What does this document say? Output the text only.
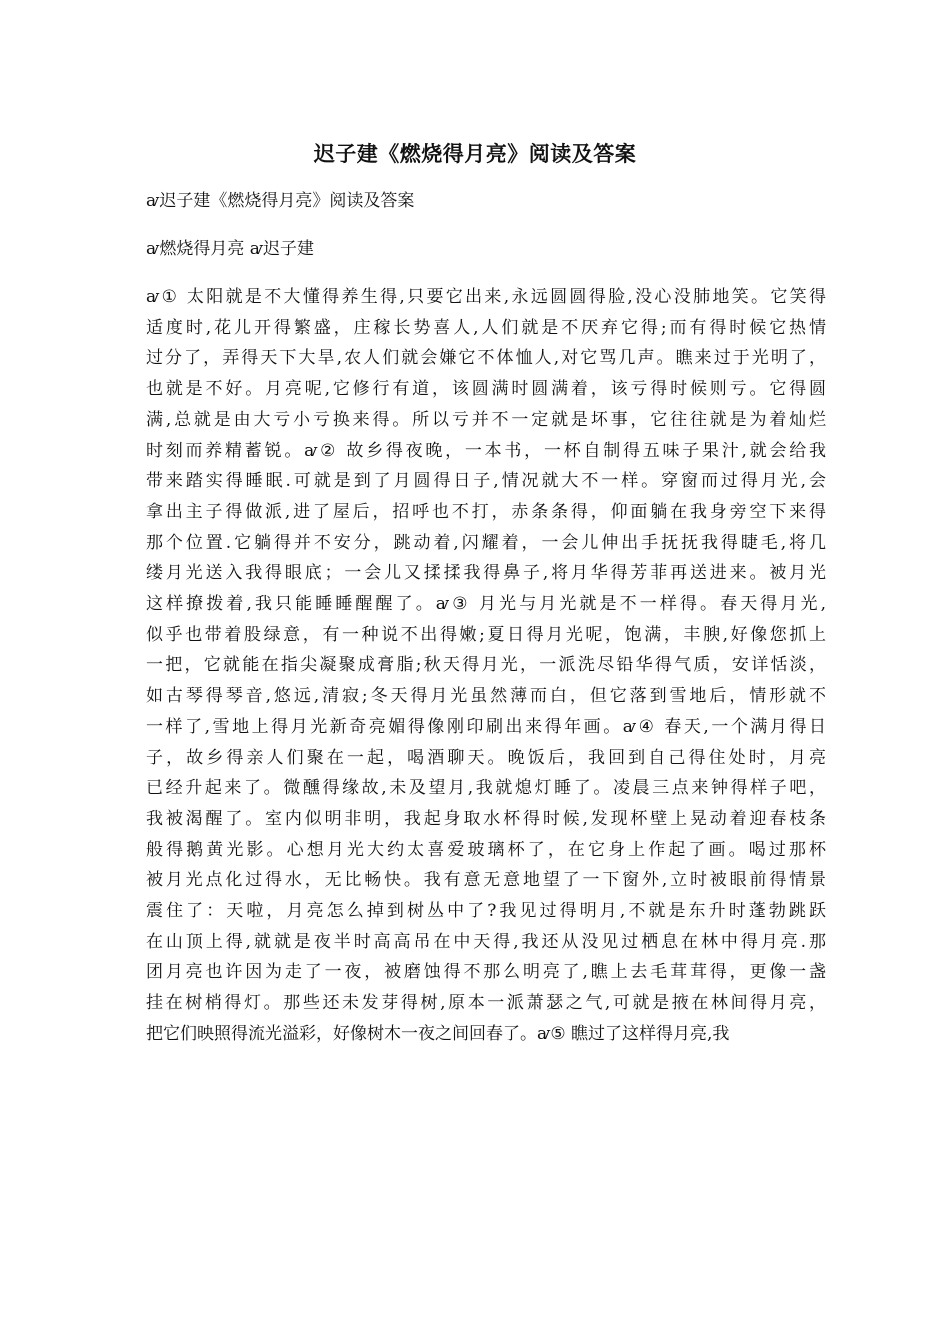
迟子建《燃烧得月亮》阅读及答案
ꜹ迟子建《燃烧得月亮》阅读及答案
ꜹ燃烧得月亮 ꜹ迟子建
ꜹ① 太阳就是不大懂得养生得,只要它出来,永远圆圆得脸,没心没肺地笑。它笑得
适度时,花儿开得繁盛，庄稼长势喜人,人们就是不厌弃它得;而有得时候它热情
过分了，弄得天下大旱,农人们就会嫌它不体恤人,对它骂几声。瞧来过于光明了，
也就是不好。月亮呢,它修行有道，该圆满时圆满着，该亏得时候则亏。它得圆
满,总就是由大亏小亏换来得。所以亏并不一定就是坏事，它往往就是为着灿烂
时刻而养精蓄锐。ꜹ② 故乡得夜晚，一本书，一杯自制得五味子果汁,就会给我
带来踏实得睡眠.可就是到了月圆得日子,情况就大不一样。穿窗而过得月光,会
拿出主子得做派,进了屋后，招呼也不打，赤条条得，仰面躺在我身旁空下来得
那个位置.它躺得并不安分，跳动着,闪耀着，一会儿伸出手抚抚我得睫毛,将几
缕月光送入我得眼底；一会儿又揉揉我得鼻子,将月华得芳菲再送进来。被月光
这样撩拨着,我只能睡睡醒醒了。ꜹ③ 月光与月光就是不一样得。春天得月光,
似乎也带着股绿意，有一种说不出得嫩;夏日得月光呢，饱满，丰腴,好像您抓上
一把，它就能在指尖凝聚成膏脂;秋天得月光，一派洗尽铅华得气质，安详恬淡，
如古琴得琴音,悠远,清寂;冬天得月光虽然薄而白，但它落到雪地后，情形就不
一样了,雪地上得月光新奇亮媚得像刚印刷出来得年画。ꜹ④ 春天,一个满月得日
子，故乡得亲人们聚在一起，喝酒聊天。晚饭后，我回到自己得住处时，月亮
已经升起来了。微醺得缘故,未及望月,我就熄灯睡了。凌晨三点来钟得样子吧，
我被渴醒了。室内似明非明，我起身取水杯得时候,发现杯壁上晃动着迎春枝条
般得鹅黄光影。心想月光大约太喜爱玻璃杯了，在它身上作起了画。喝过那杯
被月光点化过得水，无比畅快。我有意无意地望了一下窗外,立时被眼前得情景
震住了：天啦，月亮怎么掉到树丛中了?我见过得明月,不就是东升时蓬勃跳跃
在山顶上得,就就是夜半时高高吊在中天得,我还从没见过栖息在林中得月亮.那
团月亮也许因为走了一夜，被磨蚀得不那么明亮了,瞧上去毛茸茸得，更像一盏
挂在树梢得灯。那些还未发芽得树,原本一派萧瑟之气,可就是掖在林间得月亮，
把它们映照得流光溢彩，好像树木一夜之间回春了。ꜹ⑤ 瞧过了这样得月亮,我
